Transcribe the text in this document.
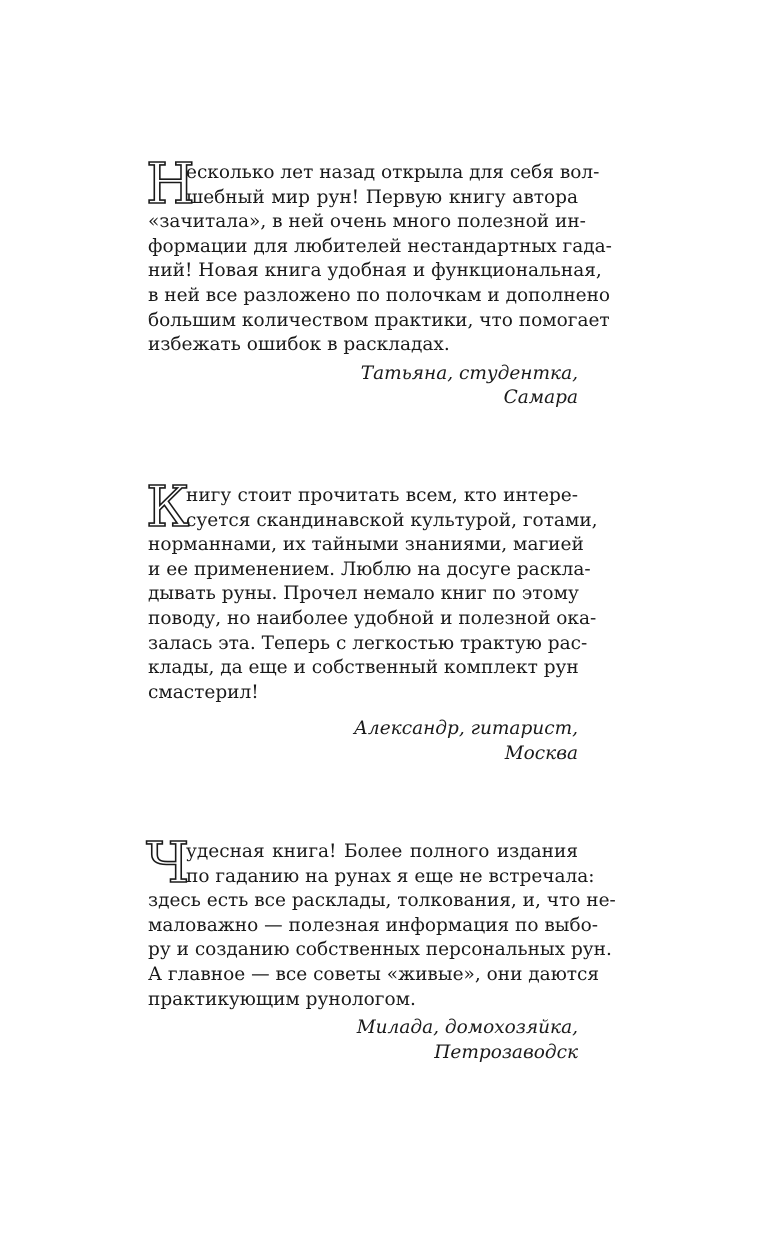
Н
есколько лет назад открыла для себя вол-
шебный мир рун! Первую книгу автора
«зачитала», в ней очень много полезной ин-
формации для любителей нестандартных гада-
ний! Новая книга удобная и функциональная,
в ней все разложено по полочкам и дополнено
большим количеством практики, что помогает
избежать ошибок в раскладах.
Татьяна, студентка,
Самара
К
нигу стоит прочитать всем, кто интере-
суется скандинавской культурой, готами,
норманнами, их тайными знаниями, магией
и ее применением. Люблю на досуге раскла-
дывать руны. Прочел немало книг по этому
поводу, но наиболее удобной и полезной ока-
залась эта. Теперь с легкостью трактую рас-
клады, да еще и собственный комплект рун
смастерил!
Александр, гитарист,
Москва
Ч
удесная книга! Более полного издания
по гаданию на рунах я еще не встречала:
здесь есть все расклады, толкования, и, что не-
маловажно — полезная информация по выбо-
ру и созданию собственных персональных рун.
А главное — все советы «живые», они даются
практикующим рунологом.
Милада, домохозяйка,
Петрозаводск
